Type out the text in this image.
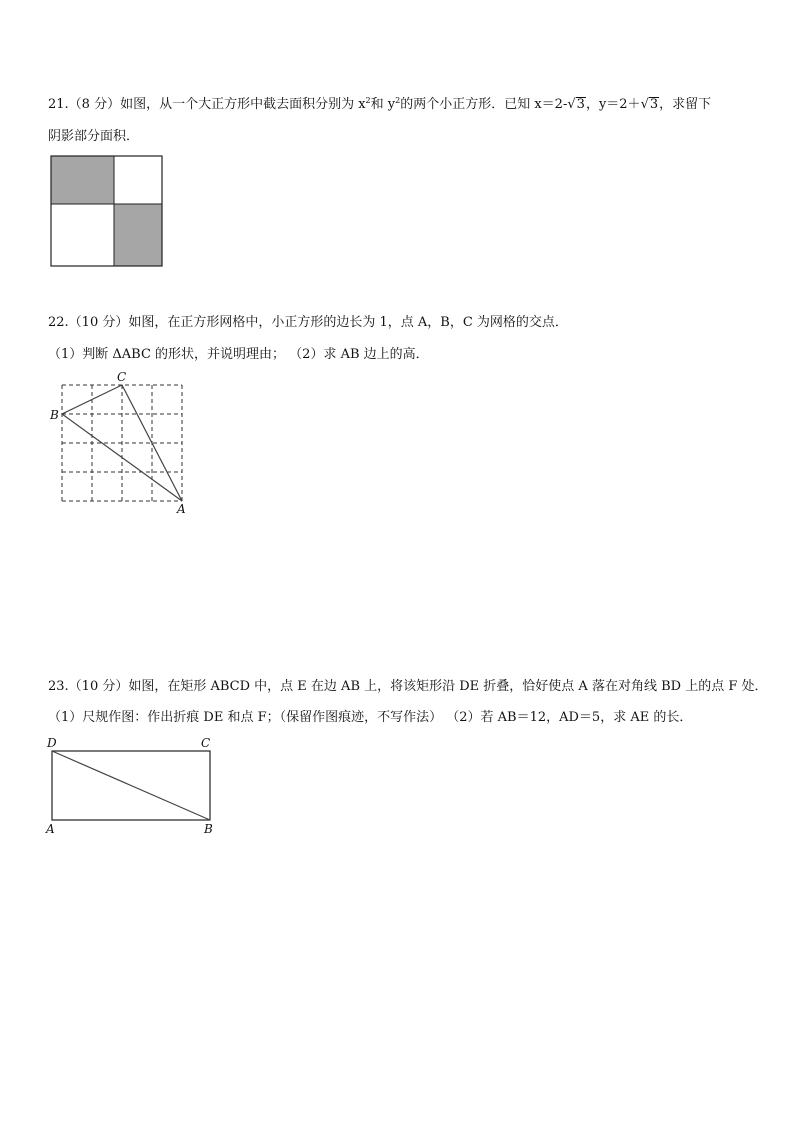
21.（8 分）如图，从一个大正方形中截去面积分别为 $x^2$和 $y^2$的两个小正方形．已知 x＝2-√3，y＝2＋√3，求留下
阴影部分面积．
22.（10 分）如图，在正方形网格中，小正方形的边长为 1，点 A，B，C 为网格的交点．
（1）判断 ΔABC 的形状，并说明理由； （2）求 AB 边上的高．
C
B
A
23.（10 分）如图，在矩形 ABCD 中，点 E 在边 AB 上，将该矩形沿 DE 折叠，恰好使点 A 落在对角线 BD 上的点 F 处．
（1）尺规作图：作出折痕 DE 和点 F；（保留作图痕迹，不写作法） （2）若 AB＝12，AD＝5，求 AE 的长．
D	C
A	B
